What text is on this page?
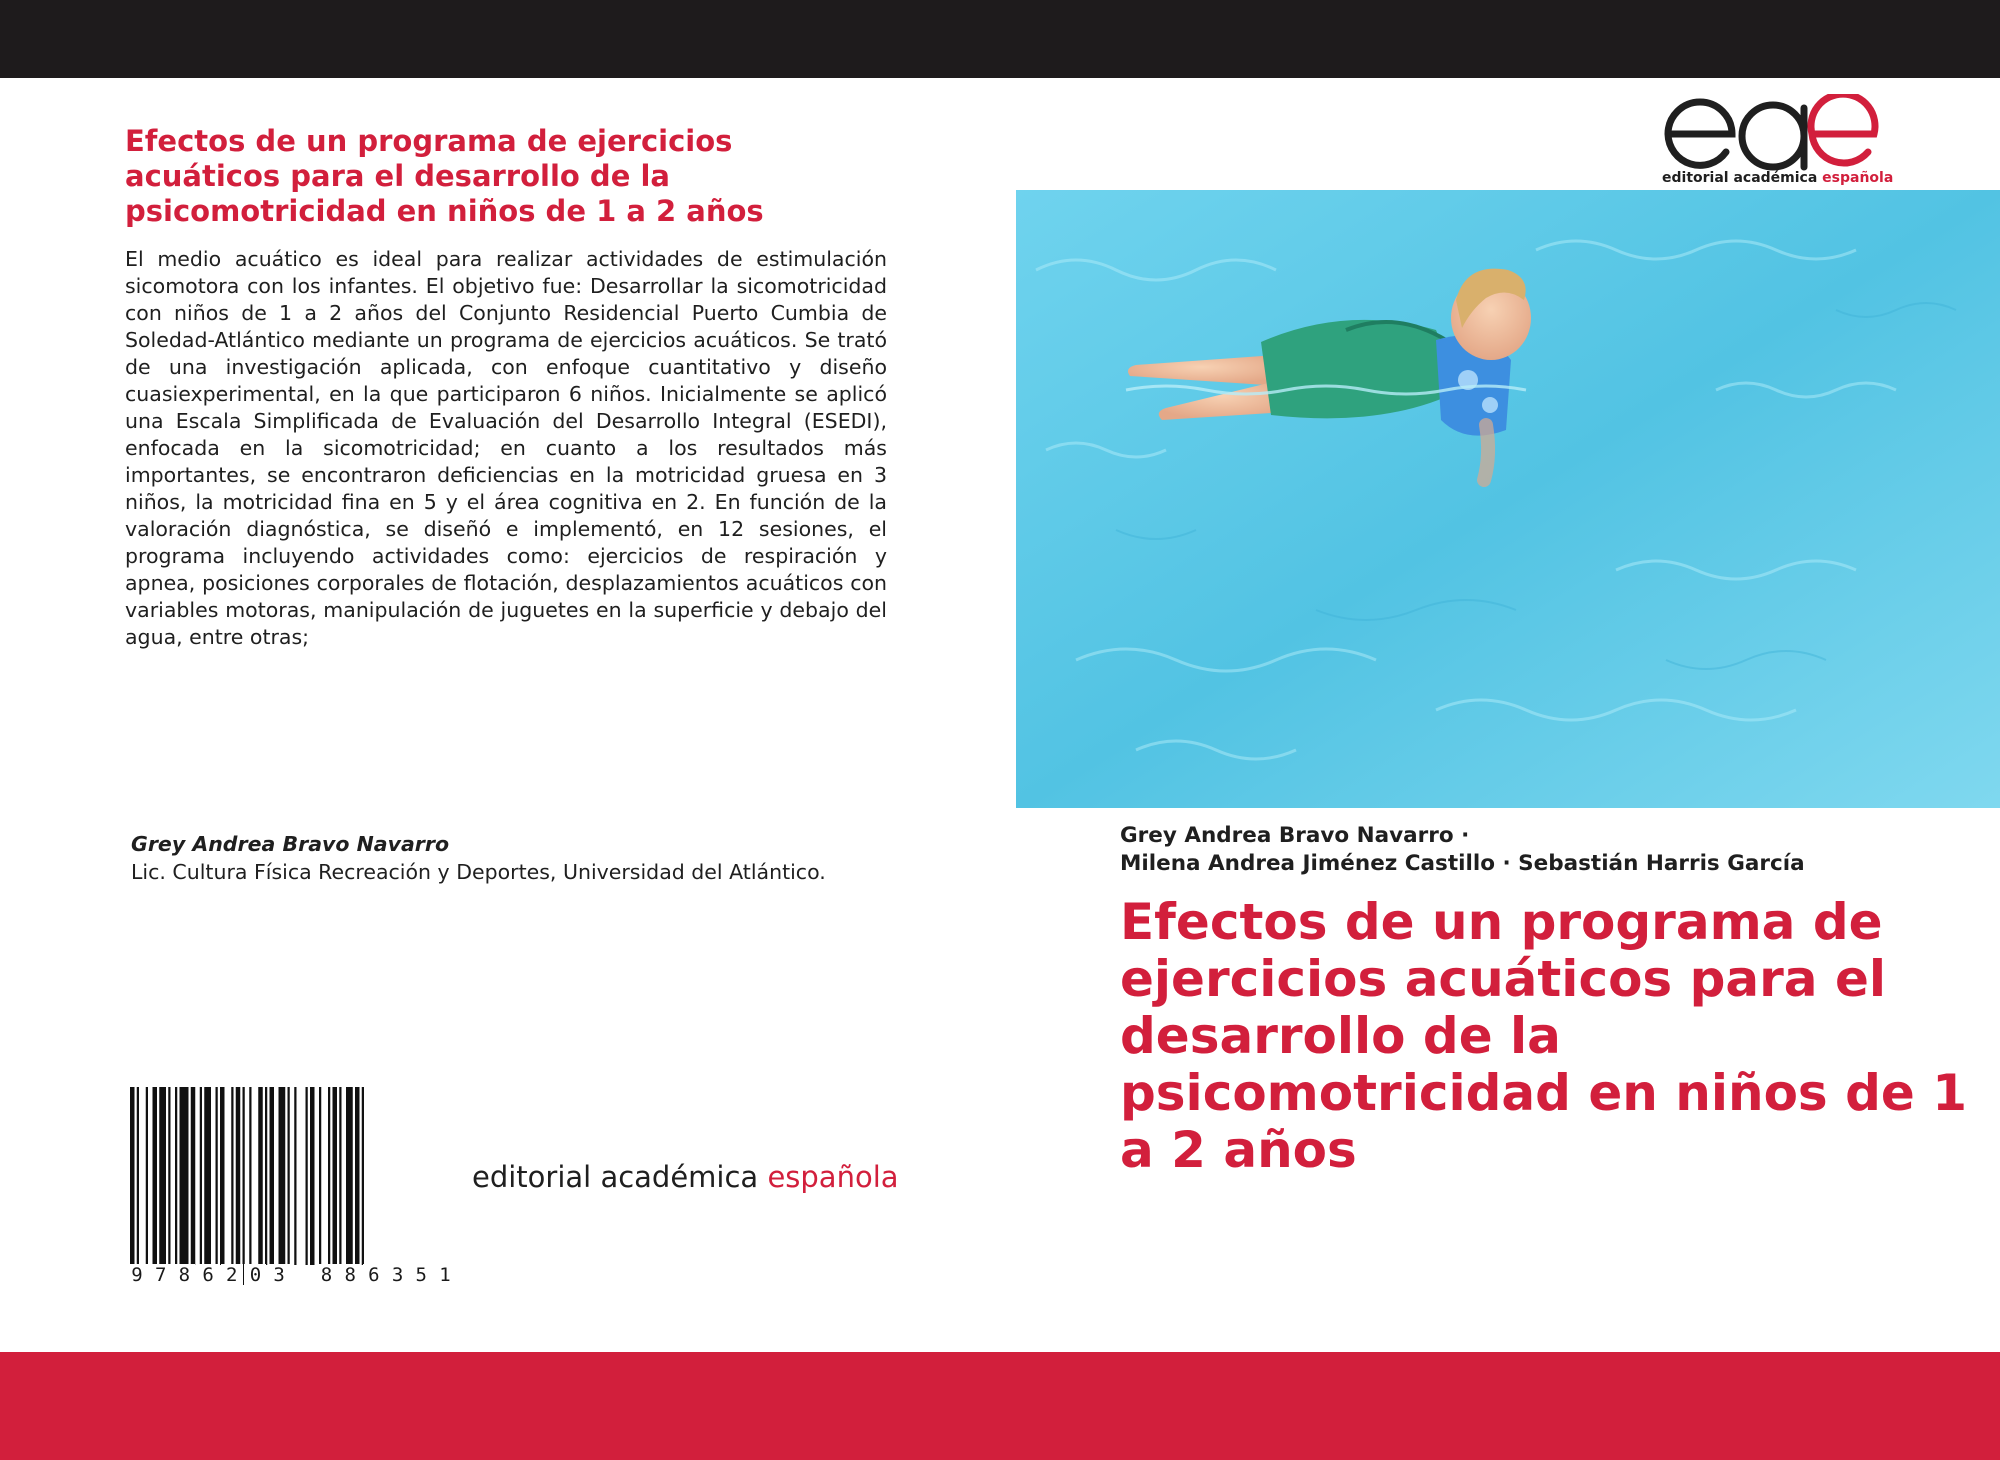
Efectos de un programa de ejercicios acuáticos para el desarrollo de la psicomotricidad en niños de 1 a 2 años

El medio acuático es ideal para realizar actividades de estimulación sicomotora con los infantes. El objetivo fue: Desarrollar la sicomotricidad con niños de 1 a 2 años del Conjunto Residencial Puerto Cumbia de Soledad-Atlántico mediante un programa de ejercicios acuáticos. Se trató de una investigación aplicada, con enfoque cuantitativo y diseño cuasiexperimental, en la que participaron 6 niños. Inicialmente se aplicó una Escala Simplificada de Evaluación del Desarrollo Integral (ESEDI), enfocada en la sicomotricidad; en cuanto a los resultados más importantes, se encontraron deficiencias en la motricidad gruesa en 3 niños, la motricidad fina en 5 y el área cognitiva en 2. En función de la valoración diagnóstica, se diseñó e implementó, en 12 sesiones, el programa incluyendo actividades como: ejercicios de respiración y apnea, posiciones corporales de flotación, desplazamientos acuáticos con variables motoras, manipulación de juguetes en la superficie y debajo del agua, entre otras;

Grey Andrea Bravo Navarro
Lic. Cultura Física Recreación y Deportes, Universidad del Atlántico.
9 7 8 6 2 0 3 8 8 6 3 5 1
editorial académica española
editorial académica española
Grey Andrea Bravo Navarro ·
Milena Andrea Jiménez Castillo · Sebastián Harris García
Efectos de un programa de ejercicios acuáticos para el desarrollo de la psicomotricidad en niños de 1 a 2 años
